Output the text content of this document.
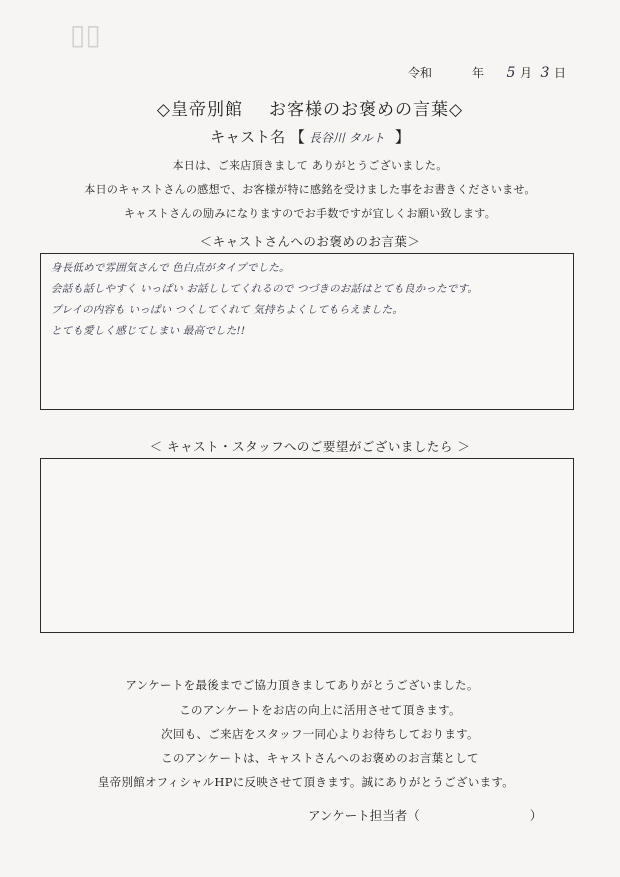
▯▯
令和	年 5 月 3 日
◇皇帝別館 お客様のお褒めの言葉◇
キャスト名 【 長谷川 タルト 】
本日は、ご来店頂きまして ありがとうございました。
本日のキャストさんの感想で、お客様が特に感銘を受けました事をお書きくださいませ。
キャストさんの励みになりますのでお手数ですが宜しくお願い致します。
＜キャストさんへのお褒めのお言葉＞
身長低めで雰囲気さんで 色白点がタイプでした。
会話も話しやすく いっぱい お話ししてくれるので つづきのお話はとても良かったです。
プレイの内容も いっぱい つくしてくれて 気持ちよくしてもらえました。
とても愛しく感じてしまい 最高でした!!
＜ キャスト・スタッフへのご要望がございましたら ＞
アンケートを最後までご協力頂きましてありがとうございました。
このアンケートをお店の向上に活用させて頂きます。
次回も、ご来店をスタッフ一同心よりお待ちしております。
このアンケートは、キャストさんへのお褒めのお言葉として
皇帝別館オフィシャルHPに反映させて頂きます。誠にありがとうございます。
アンケート担当者（	）
